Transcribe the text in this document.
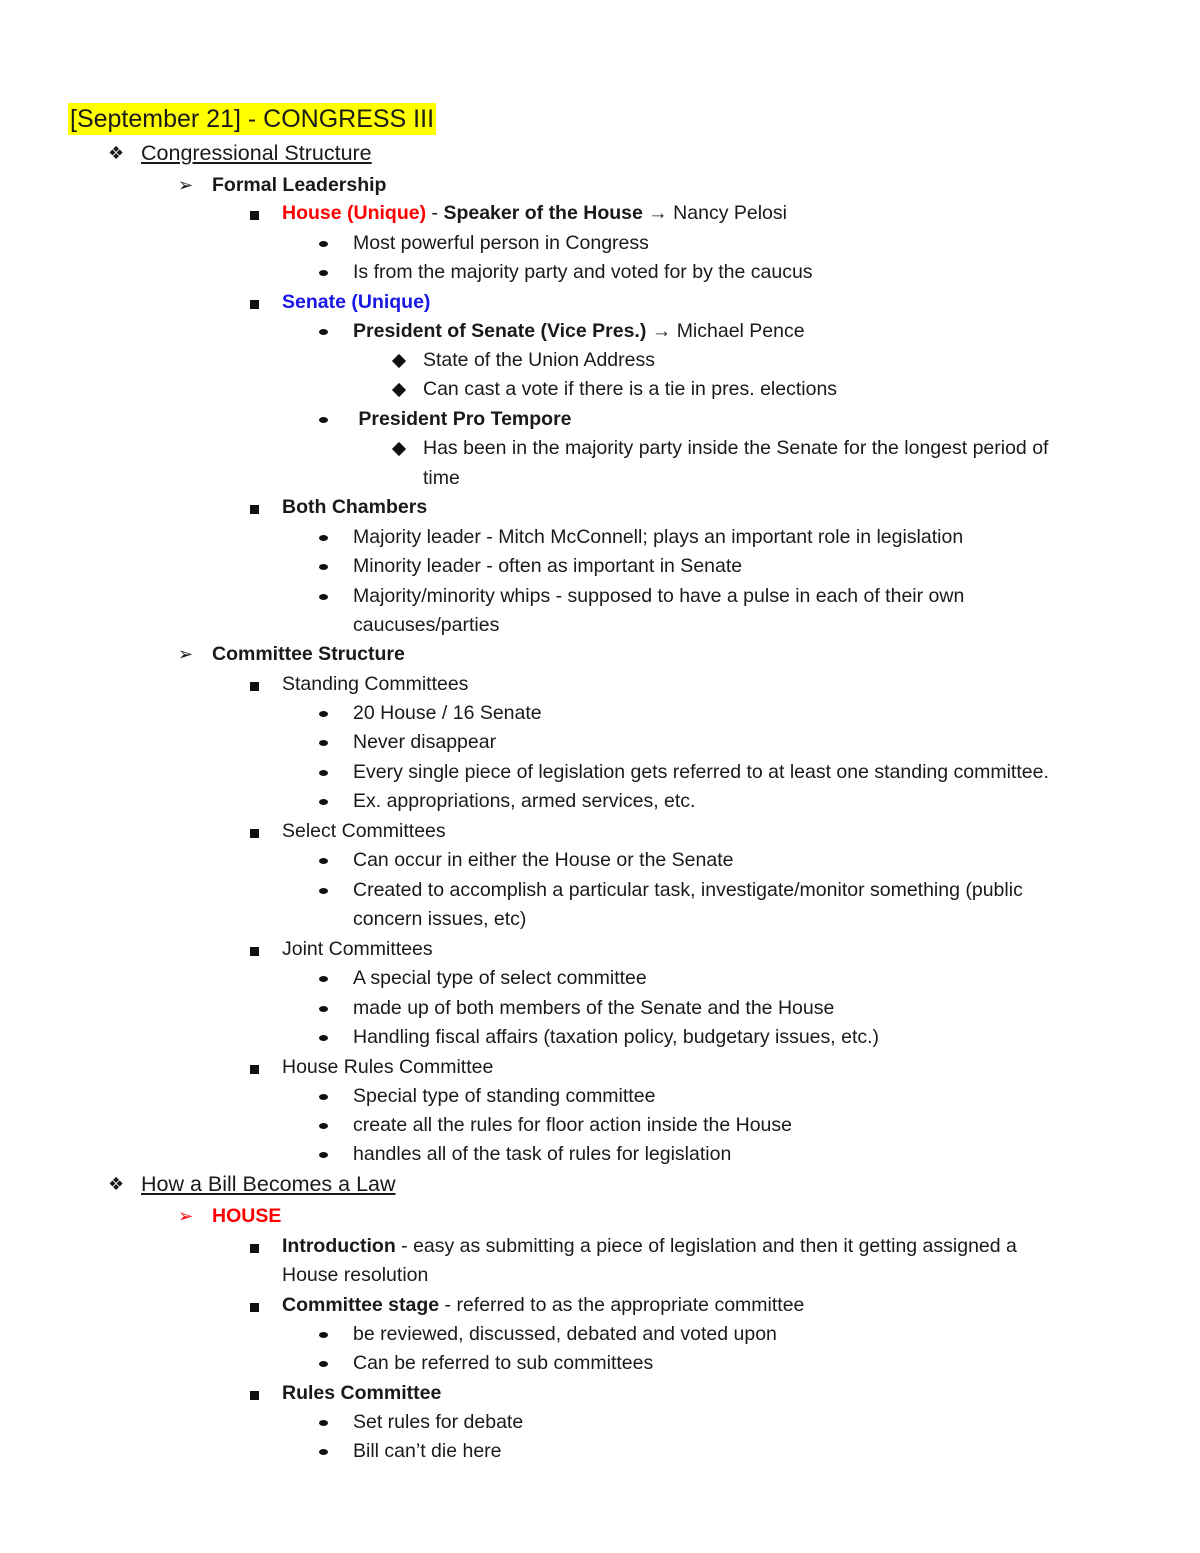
[September 21] - CONGRESS III
❖ Congressional Structure
➢ Formal Leadership
House (Unique) - Speaker of the House → Nancy Pelosi
Most powerful person in Congress
Is from the majority party and voted for by the caucus
Senate (Unique)
President of Senate (Vice Pres.) → Michael Pence
State of the Union Address
Can cast a vote if there is a tie in pres. elections
President Pro Tempore
Has been in the majority party inside the Senate for the longest period of
time
Both Chambers
Majority leader - Mitch McConnell; plays an important role in legislation
Minority leader - often as important in Senate
Majority/minority whips - supposed to have a pulse in each of their own
caucuses/parties
➢ Committee Structure
Standing Committees
20 House / 16 Senate
Never disappear
Every single piece of legislation gets referred to at least one standing committee.
Ex. appropriations, armed services, etc.
Select Committees
Can occur in either the House or the Senate
Created to accomplish a particular task, investigate/monitor something (public
concern issues, etc)
Joint Committees
A special type of select committee
made up of both members of the Senate and the House
Handling fiscal affairs (taxation policy, budgetary issues, etc.)
House Rules Committee
Special type of standing committee
create all the rules for floor action inside the House
handles all of the task of rules for legislation
❖ How a Bill Becomes a Law
➢ HOUSE
Introduction - easy as submitting a piece of legislation and then it getting assigned a
House resolution
Committee stage - referred to as the appropriate committee
be reviewed, discussed, debated and voted upon
Can be referred to sub committees
Rules Committee
Set rules for debate
Bill can’t die here
